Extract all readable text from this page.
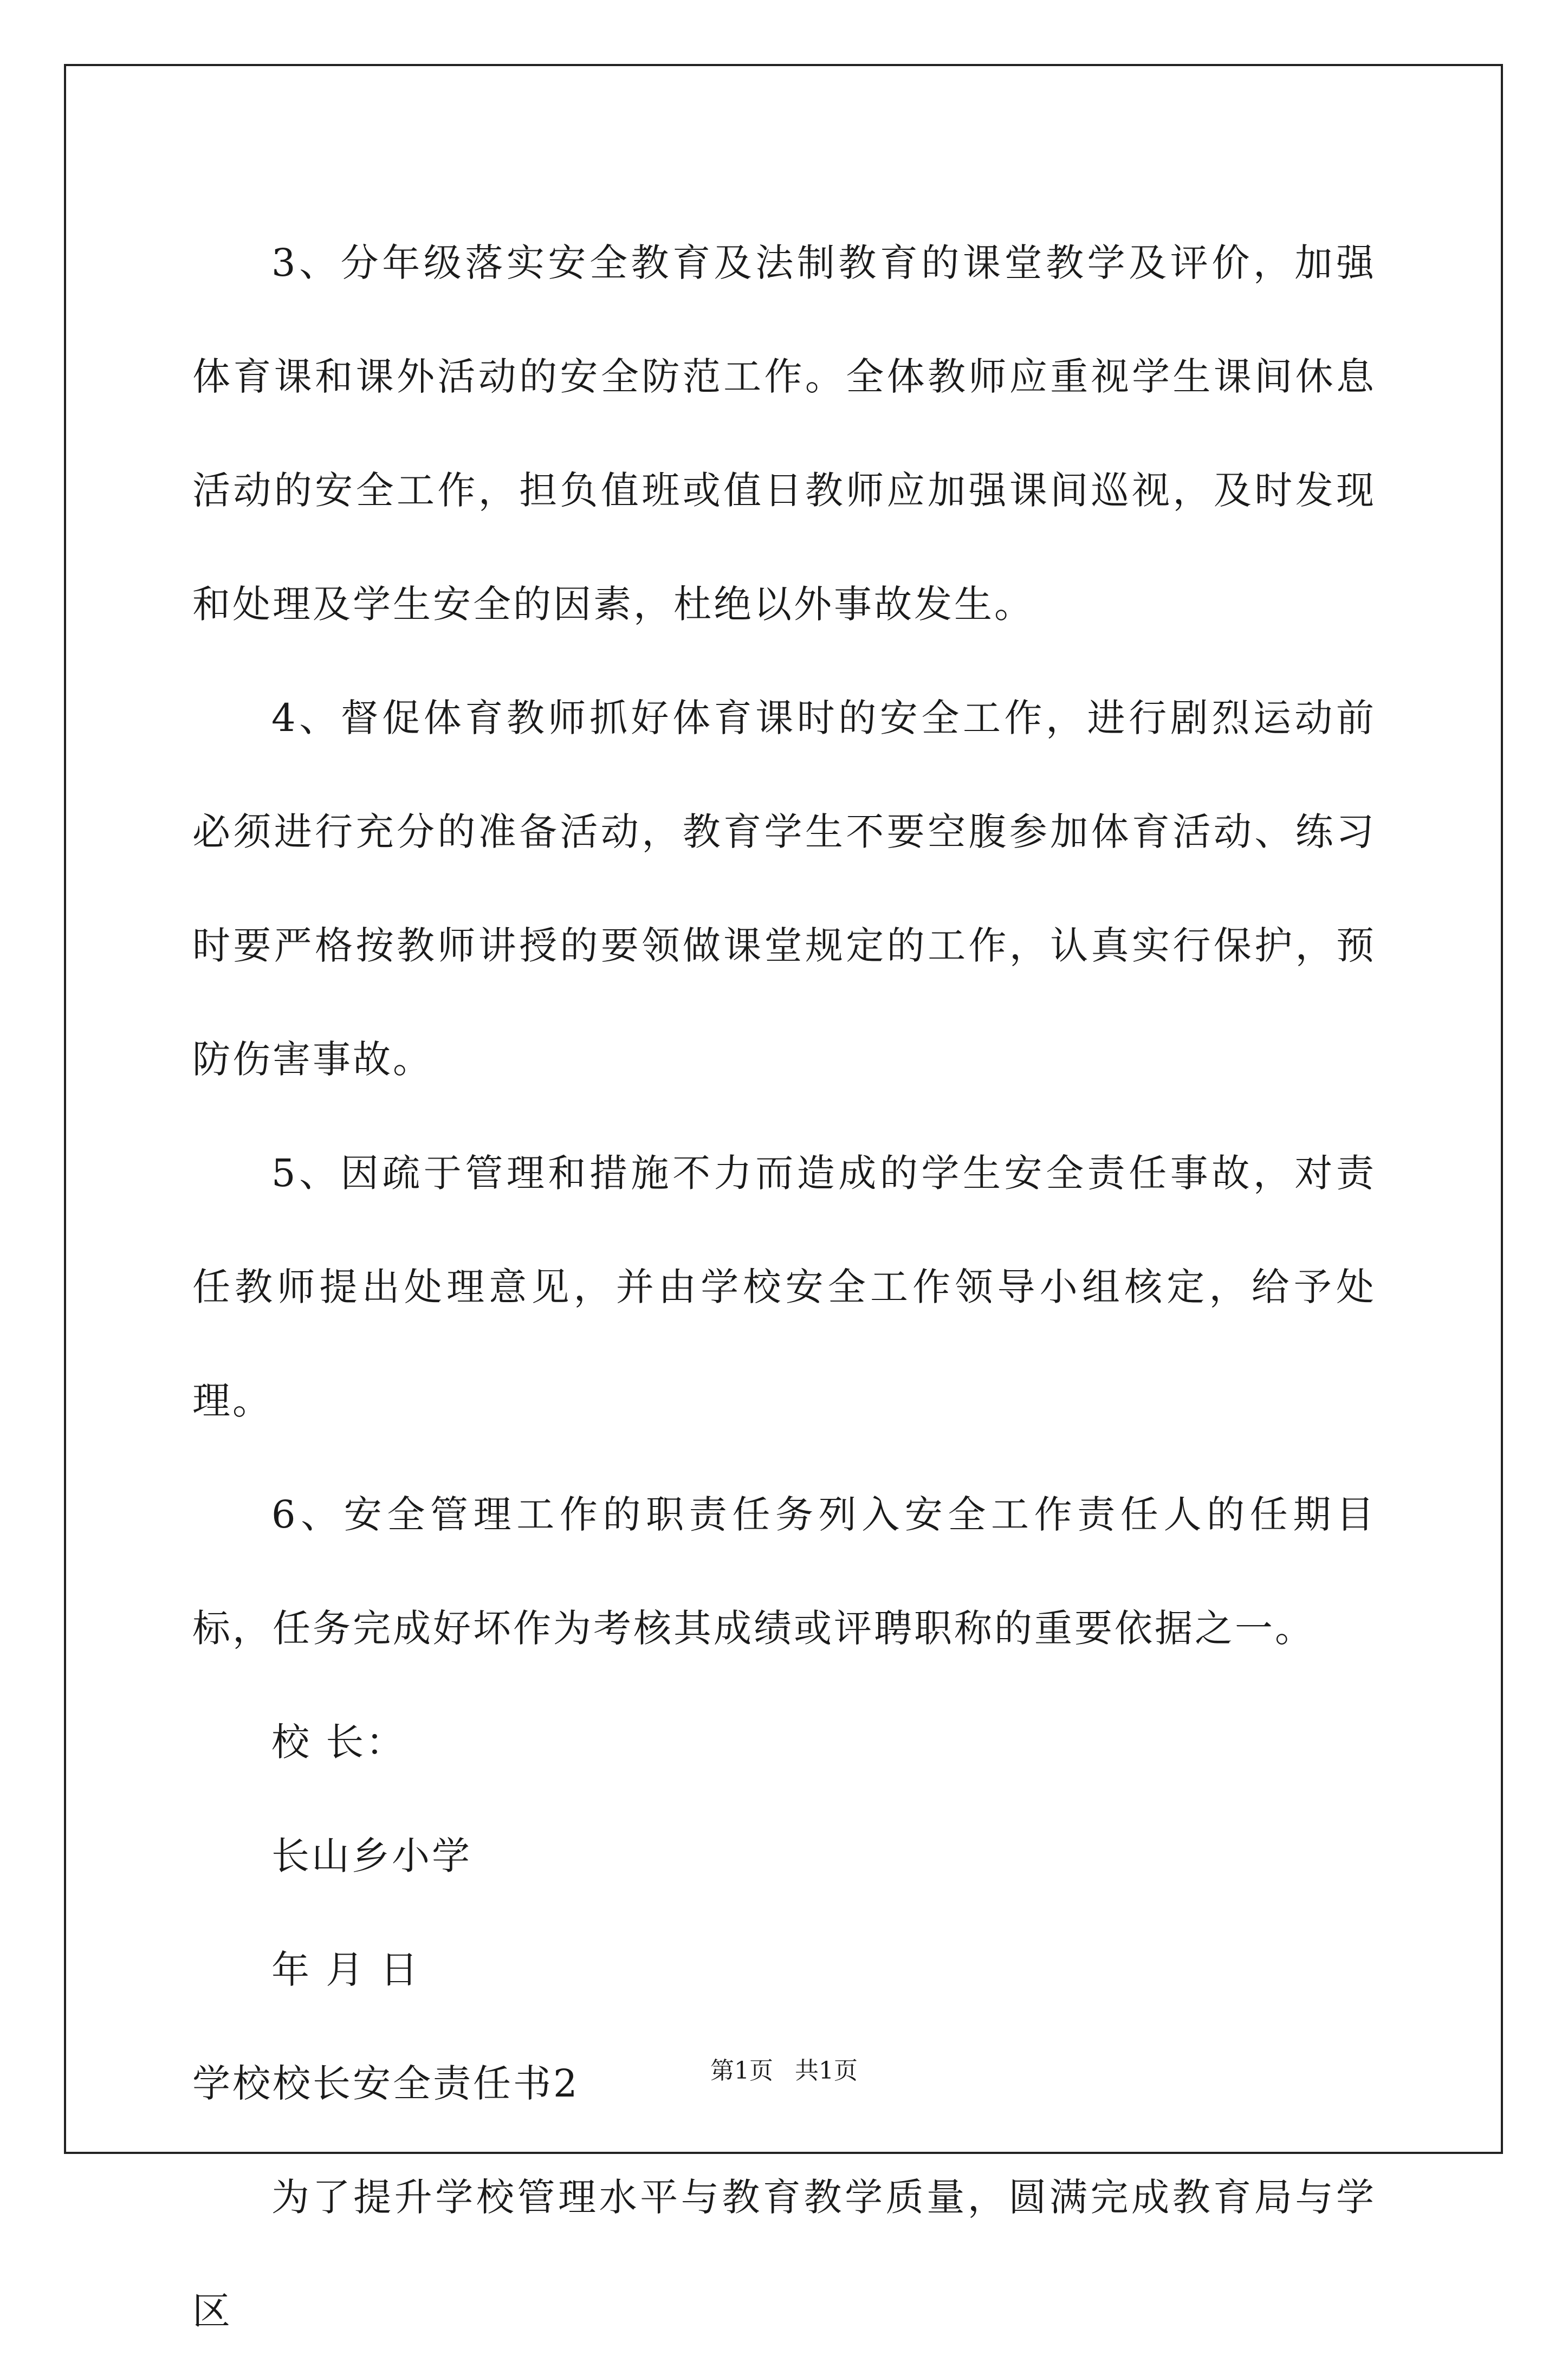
3、分年级落实安全教育及法制教育的课堂教学及评价，加强体育课和课外活动的安全防范工作。全体教师应重视学生课间休息活动的安全工作，担负值班或值日教师应加强课间巡视，及时发现和处理及学生安全的因素，杜绝以外事故发生。

4、督促体育教师抓好体育课时的安全工作，进行剧烈运动前必须进行充分的准备活动，教育学生不要空腹参加体育活动、练习时要严格按教师讲授的要领做课堂规定的工作，认真实行保护，预防伤害事故。

5、因疏于管理和措施不力而造成的学生安全责任事故，对责任教师提出处理意见，并由学校安全工作领导小组核定，给予处理。

6、安全管理工作的职责任务列入安全工作责任人的任期目标，任务完成好坏作为考核其成绩或评聘职称的重要依据之一。

校 长：

长山乡小学

年 月 日

学校校长安全责任书2

为了提升学校管理水平与教育教学质量，圆满完成教育局与学区

第1页 共1页
